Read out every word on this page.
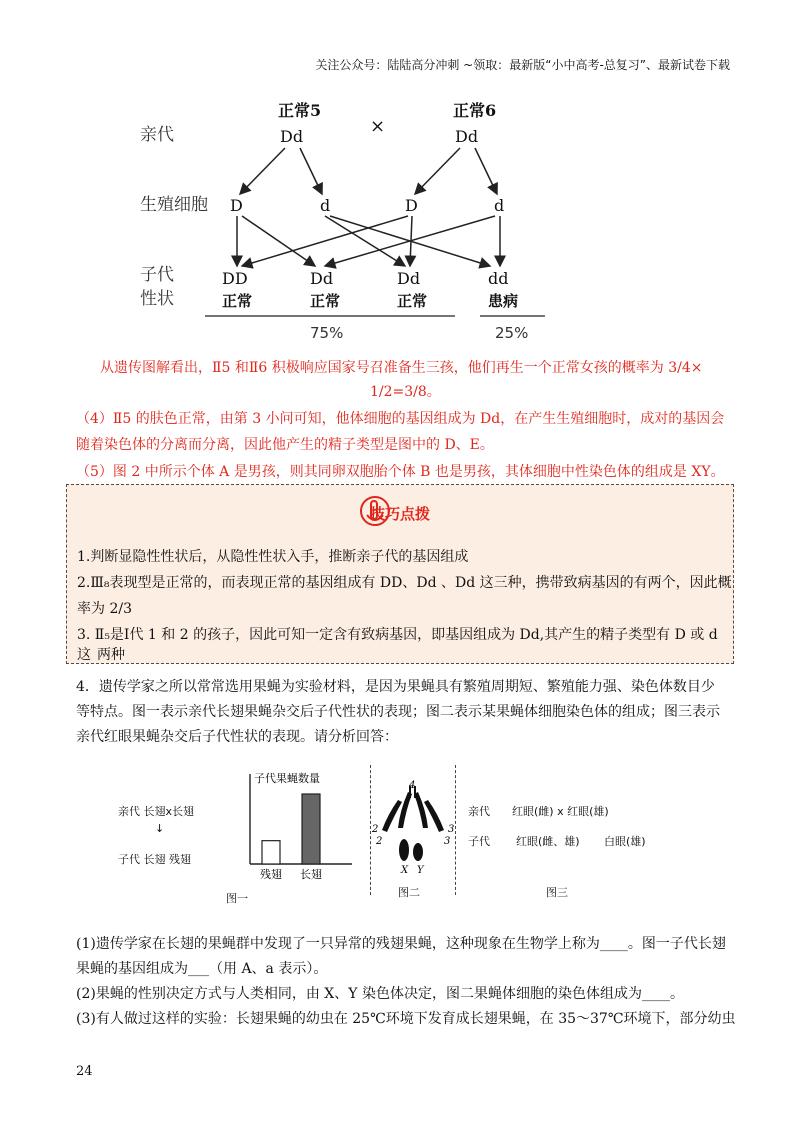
关注公众号：陆陆高分冲刺 ~领取：最新版“小中高考-总复习”、最新试卷下载
亲代
生殖细胞
子代
性状
正常5	正常6
Dd	Dd
×
D	d	D	d
DD	Dd	Dd	dd
正常	正常	正常	患病
75%	25%
从遗传图解看出，Ⅱ5 和Ⅱ6 积极响应国家号召准备生三孩，他们再生一个正常女孩的概率为 3/4×
1/2=3/8。
（4）Ⅱ5 的肤色正常，由第 3 小问可知，他体细胞的基因组成为 Dd，在产生生殖细胞时，成对的基因会
随着染色体的分离而分离，因此他产生的精子类型是图中的 D、E。
（5）图 2 中所示个体 A 是男孩，则其同卵双胞胎个体 B 也是男孩，其体细胞中性染色体的组成是 XY。
技巧点拨
1.判断显隐性性状后，从隐性性状入手，推断亲子代的基因组成
2.Ⅲ₈表现型是正常的，而表现正常的基因组成有 DD、Dd 、Dd 这三种，携带致病基因的有两个，因此概
率为 2/3
3. Ⅱ₅是Ⅰ代 1 和 2 的孩子，因此可知一定含有致病基因，即基因组成为 Dd,其产生的精子类型有 D 或 d 这 两种
4．遗传学家之所以常常选用果蝇为实验材料，是因为果蝇具有繁殖周期短、繁殖能力强、染色体数目少
等特点。图一表示亲代长翅果蝇杂交后子代性状的表现；图二表示某果蝇体细胞染色体的组成；图三表示
亲代红眼果蝇杂交后子代性状的表现。请分析回答：
亲代 长翅x长翅
↓
子代 长翅 残翅
子代果蝇数量
残翅 长翅
图一
4
2
2
3
3
X Y
图二
亲代 红眼(雌) x 红眼(雄)
子代 红眼(雌、雄) 白眼(雄)
图三
(1)遗传学家在长翅的果蝇群中发现了一只异常的残翅果蝇，这种现象在生物学上称为____。图一子代长翅
果蝇的基因组成为___（用 A、a 表示）。
(2)果蝇的性别决定方式与人类相同，由 X、Y 染色体决定，图二果蝇体细胞的染色体组成为____。
(3)有人做过这样的实验：长翅果蝇的幼虫在 25℃环境下发育成长翅果蝇，在 35～37℃环境下，部分幼虫
24
